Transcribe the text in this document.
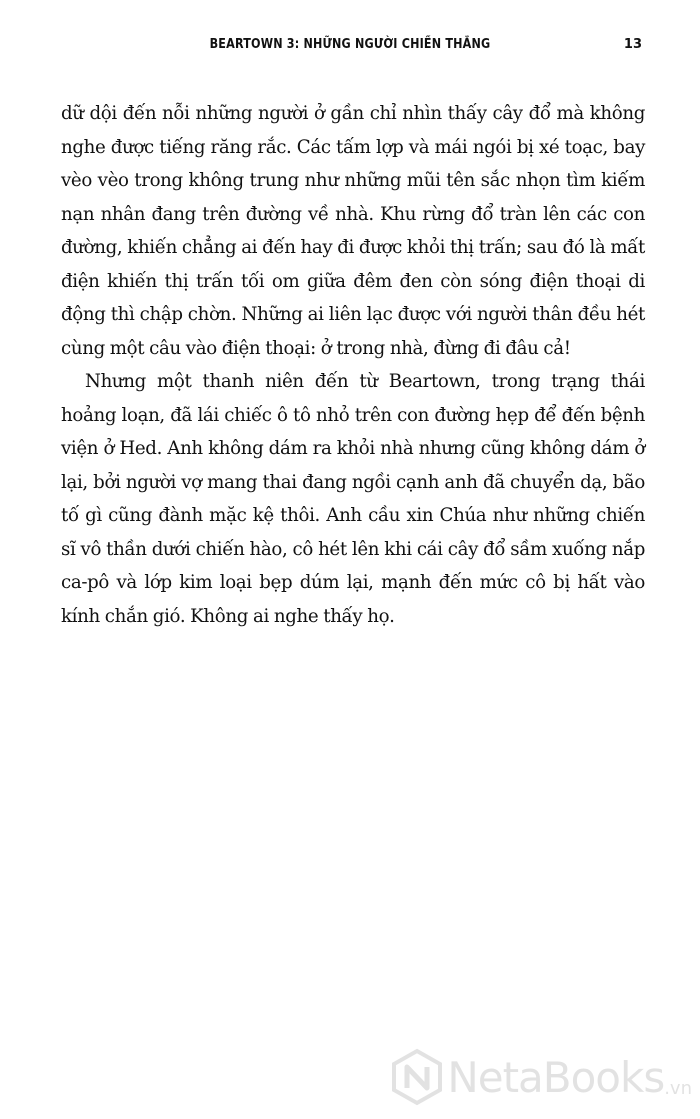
BEARTOWN 3: NHỮNG NGƯỜI CHIẾN THẮNG	13

dữ dội đến nỗi những người ở gần chỉ nhìn thấy cây đổ mà không nghe được tiếng răng rắc. Các tấm lợp và mái ngói bị xé toạc, bay vèo vèo trong không trung như những mũi tên sắc nhọn tìm kiếm nạn nhân đang trên đường về nhà. Khu rừng đổ tràn lên các con đường, khiến chẳng ai đến hay đi được khỏi thị trấn; sau đó là mất điện khiến thị trấn tối om giữa đêm đen còn sóng điện thoại di động thì chập chờn. Những ai liên lạc được với người thân đều hét cùng một câu vào điện thoại: ở trong nhà, đừng đi đâu cả!

Nhưng một thanh niên đến từ Beartown, trong trạng thái hoảng loạn, đã lái chiếc ô tô nhỏ trên con đường hẹp để đến bệnh viện ở Hed. Anh không dám ra khỏi nhà nhưng cũng không dám ở lại, bởi người vợ mang thai đang ngồi cạnh anh đã chuyển dạ, bão tố gì cũng đành mặc kệ thôi. Anh cầu xin Chúa như những chiến sĩ vô thần dưới chiến hào, cô hét lên khi cái cây đổ sầm xuống nắp ca-pô và lớp kim loại bẹp dúm lại, mạnh đến mức cô bị hất vào kính chắn gió. Không ai nghe thấy họ.

NetaBooks .vn
